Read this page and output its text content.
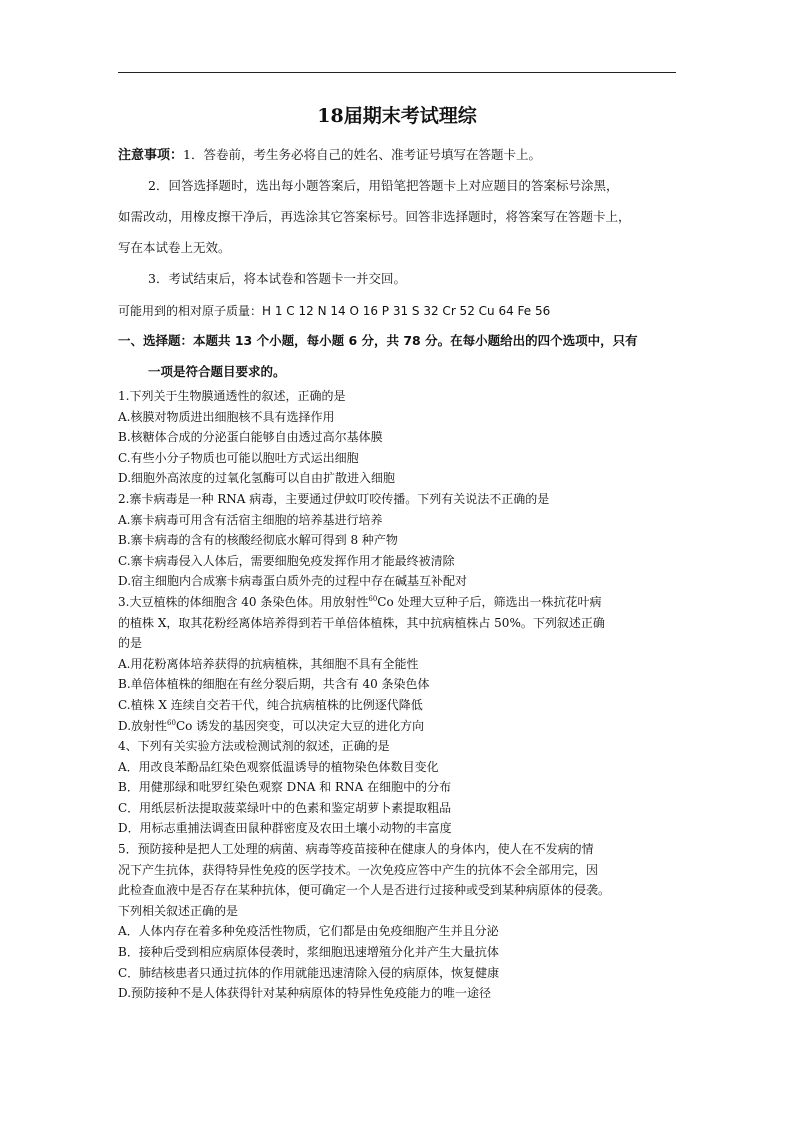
18届期末考试理综

注意事项：1．答卷前，考生务必将自己的姓名、准考证号填写在答题卡上。

2．回答选择题时，选出每小题答案后，用铅笔把答题卡上对应题目的答案标号涂黑，

如需改动，用橡皮擦干净后，再选涂其它答案标号。回答非选择题时，将答案写在答题卡上，

写在本试卷上无效。

3．考试结束后，将本试卷和答题卡一并交回。

可能用到的相对原子质量：H 1 C 12 N 14 O 16 P 31 S 32 Cr 52 Cu 64 Fe 56
一、选择题：本题共 13 个小题，每小题 6 分，共 78 分。在每小题给出的四个选项中，只有
一项是符合题目要求的。
1.下列关于生物膜通透性的叙述，正确的是
A.核膜对物质进出细胞核不具有选择作用
B.核糖体合成的分泌蛋白能够自由透过高尔基体膜
C.有些小分子物质也可能以胞吐方式运出细胞
D.细胞外高浓度的过氧化氢酶可以自由扩散进入细胞
2.寨卡病毒是一种 RNA 病毒，主要通过伊蚊叮咬传播。下列有关说法不正确的是
A.寨卡病毒可用含有活宿主细胞的培养基进行培养
B.寨卡病毒的含有的核酸经彻底水解可得到 8 种产物
C.寨卡病毒侵入人体后，需要细胞免疫发挥作用才能最终被清除
D.宿主细胞内合成寨卡病毒蛋白质外壳的过程中存在碱基互补配对
3.大豆植株的体细胞含 40 条染色体。用放射性$^{60}$Co 处理大豆种子后，筛选出一株抗花叶病
的植株 X，取其花粉经离体培养得到若干单倍体植株，其中抗病植株占 50%。下列叙述正确
的是
A.用花粉离体培养获得的抗病植株，其细胞不具有全能性
B.单倍体植株的细胞在有丝分裂后期，共含有 40 条染色体
C.植株 X 连续自交若干代，纯合抗病植株的比例逐代降低
D.放射性$^{60}$Co 诱发的基因突变，可以决定大豆的进化方向
4、下列有关实验方法或检测试剂的叙述，正确的是
A．用改良苯酚品红染色观察低温诱导的植物染色体数目变化
B．用健那绿和吡罗红染色观察 DNA 和 RNA 在细胞中的分布
C．用纸层析法提取菠菜绿叶中的色素和鉴定胡萝卜素提取粗品
D．用标志重捕法调查田鼠种群密度及农田土壤小动物的丰富度
5．预防接种是把人工处理的病菌、病毒等疫苗接种在健康人的身体内，使人在不发病的情
况下产生抗体，获得特异性免疫的医学技术。一次免疫应答中产生的抗体不会全部用完，因
此检查血液中是否存在某种抗体，便可确定一个人是否进行过接种或受到某种病原体的侵袭。
下列相关叙述正确的是
A．人体内存在着多种免疫活性物质，它们都是由免疫细胞产生并且分泌
B．接种后受到相应病原体侵袭时，浆细胞迅速增殖分化并产生大量抗体
C．肺结核患者只通过抗体的作用就能迅速清除入侵的病原体，恢复健康
D.预防接种不是人体获得针对某种病原体的特异性免疫能力的唯一途径
